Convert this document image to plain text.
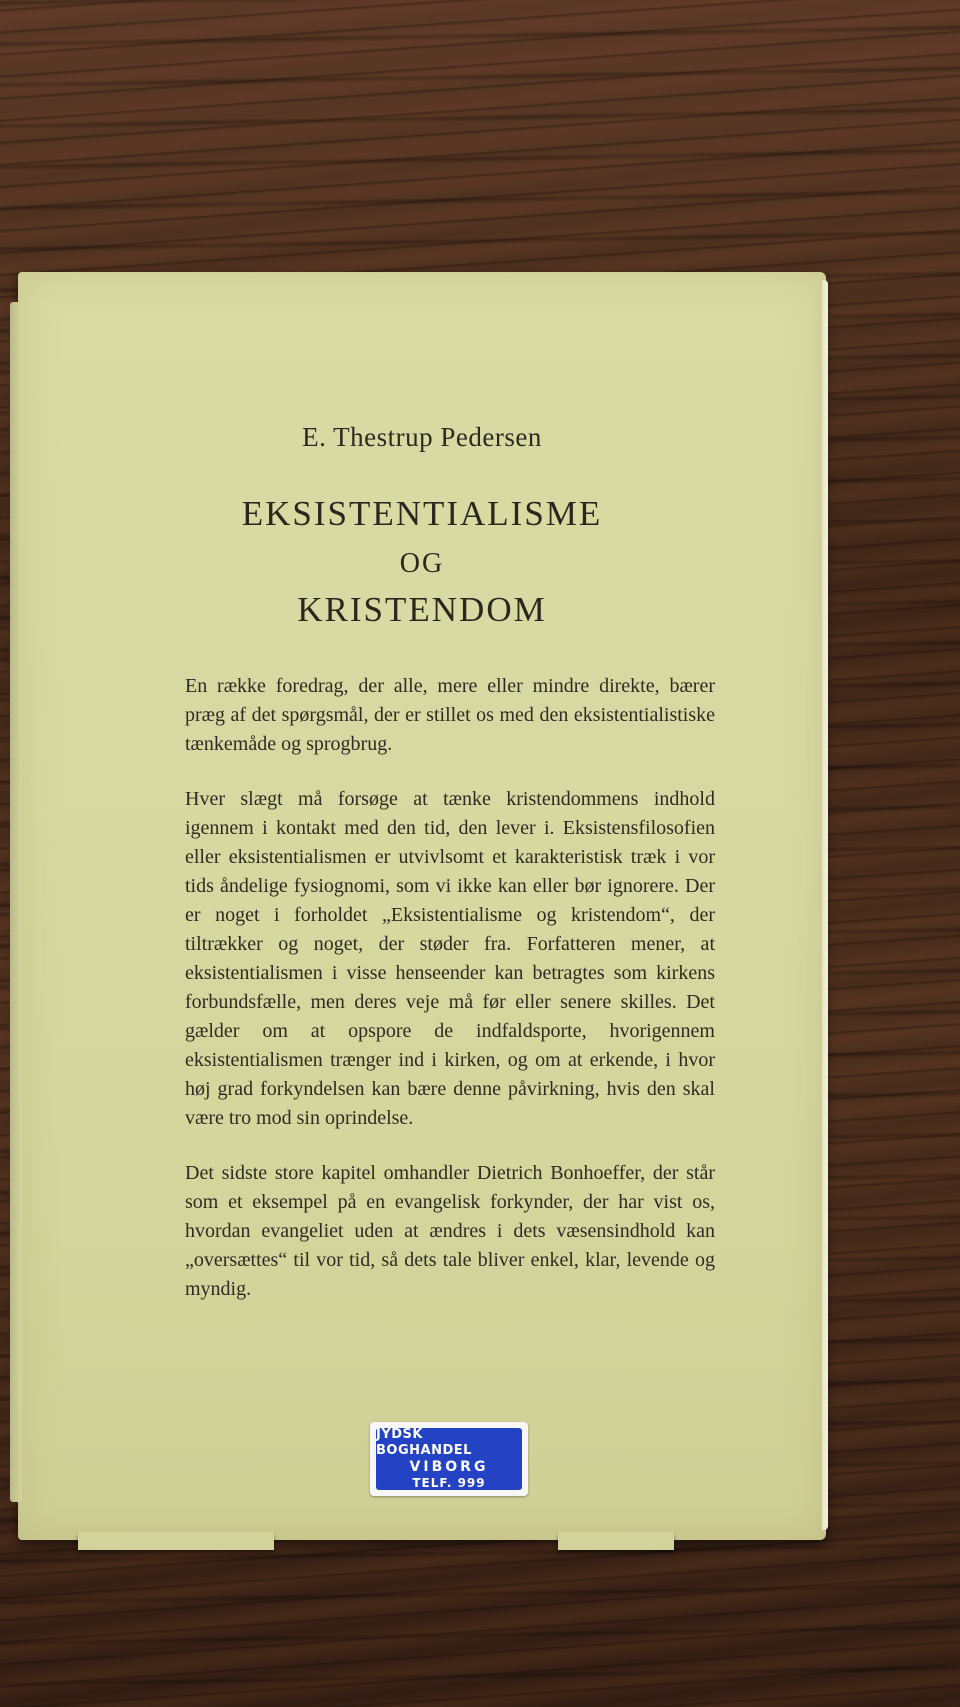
E. Thestrup Pedersen
EKSISTENTIALISME
OG
KRISTENDOM

En række foredrag, der alle, mere eller mindre direkte, bærer præg af det spørgsmål, der er stillet os med den eksistentialistiske tænkemåde og sprogbrug.

Hver slægt må forsøge at tænke kristendommens indhold igennem i kontakt med den tid, den lever i. Eksistensfilosofien eller eksistentialismen er utvivlsomt et karakteristisk træk i vor tids åndelige fysiognomi, som vi ikke kan eller bør ignorere. Der er noget i forholdet „Eksistentialisme og kristendom“, der tiltrækker og noget, der støder fra. Forfatteren mener, at eksistentialismen i visse henseender kan betragtes som kirkens forbundsfælle, men deres veje må før eller senere skilles. Det gælder om at opspore de indfaldsporte, hvorigennem eksistentialismen trænger ind i kirken, og om at erkende, i hvor høj grad forkyndelsen kan bære denne påvirkning, hvis den skal være tro mod sin oprindelse.

Det sidste store kapitel omhandler Dietrich Bonhoeffer, der står som et eksempel på en evangelisk forkynder, der har vist os, hvordan evangeliet uden at ændres i dets væsensindhold kan „oversættes“ til vor tid, så dets tale bliver enkel, klar, levende og myndig.

JYDSK BOGHANDEL
VIBORG
TELF. 999
